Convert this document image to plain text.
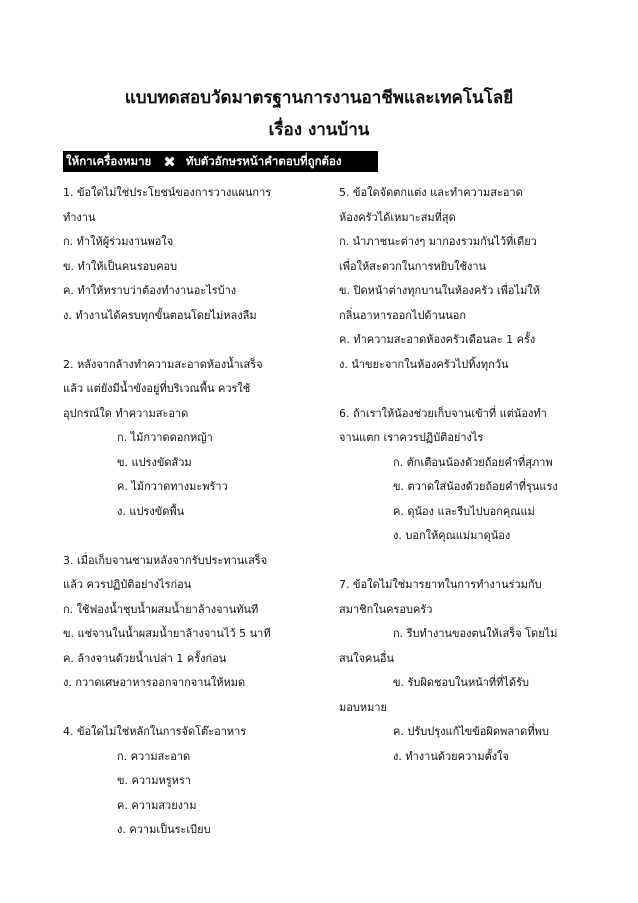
แบบทดสอบวัดมาตรฐานการงานอาชีพและเทคโนโลยี
เรื่อง งานบ้าน
ให้กาเครื่องหมาย ✖ ทับตัวอักษรหน้าคำตอบที่ถูกต้อง
1. ข้อใดไม่ใช่ประโยชน์ของการวางแผนการ
ทำงาน
ก. ทำให้ผู้ร่วมงานพอใจ
ข. ทำให้เป็นคนรอบคอบ
ค. ทำให้ทราบว่าต้องทำงานอะไรบ้าง
ง. ทำงานได้ครบทุกขั้นตอนโดยไม่หลงลืม
2. หลังจากล้างทำความสะอาดห้องน้ำเสร็จ
แล้ว แต่ยังมีน้ำขังอยู่ที่บริเวณพื้น ควรใช้
อุปกรณ์ใด ทำความสะอาด
ก. ไม้กวาดดอกหญ้า
ข. แปรงขัดส้วม
ค. ไม้กวาดทางมะพร้าว
ง. แปรงขัดพื้น
3. เมื่อเก็บจานชามหลังจากรับประทานเสร็จ
แล้ว ควรปฏิบัติอย่างไรก่อน
ก. ใช้ฟองน้ำชุบน้ำผสมน้ำยาล้างจานทันที
ข. แช่จานในน้ำผสมน้ำยาล้างจานไว้ 5 นาที
ค. ล้างจานด้วยน้ำเปล่า 1 ครั้งก่อน
ง. กวาดเศษอาหารออกจากจานให้หมด
4. ข้อใดไม่ใช่หลักในการจัดโต๊ะอาหาร
ก. ความสะอาด
ข. ความหรูหรา
ค. ความสวยงาม
ง. ความเป็นระเบียบ
5. ข้อใดจัดตกแต่ง และทำความสะอาด
ห้องครัวได้เหมาะสมที่สุด
ก. นำภาชนะต่างๆ มากองรวมกันไว้ที่เดียว
เพื่อให้สะดวกในการหยิบใช้งาน
ข. ปิดหน้าต่างทุกบานในห้องครัว เพื่อไม่ให้
กลิ่นอาหารออกไปด้านนอก
ค. ทำความสะอาดห้องครัวเดือนละ 1 ครั้ง
ง. นำขยะจากในห้องครัวไปทิ้งทุกวัน
6. ถ้าเราให้น้องช่วยเก็บจานเข้าที่ แต่น้องทำ
จานแตก เราควรปฏิบัติอย่างไร
ก. ตักเตือนน้องด้วยถ้อยคำที่สุภาพ
ข. ตวาดใส่น้องด้วยถ้อยคำที่รุนแรง
ค. ดุน้อง และรีบไปบอกคุณแม่
ง. บอกให้คุณแม่มาดุน้อง
7. ข้อใดไม่ใช่มารยาทในการทำงานร่วมกับ
สมาชิกในครอบครัว
ก. รีบทำงานของตนให้เสร็จ โดยไม่
สนใจคนอื่น
ข. รับผิดชอบในหน้าที่ที่ได้รับ
มอบหมาย
ค. ปรับปรุงแก้ไขข้อผิดพลาดที่พบ
ง. ทำงานด้วยความตั้งใจ
